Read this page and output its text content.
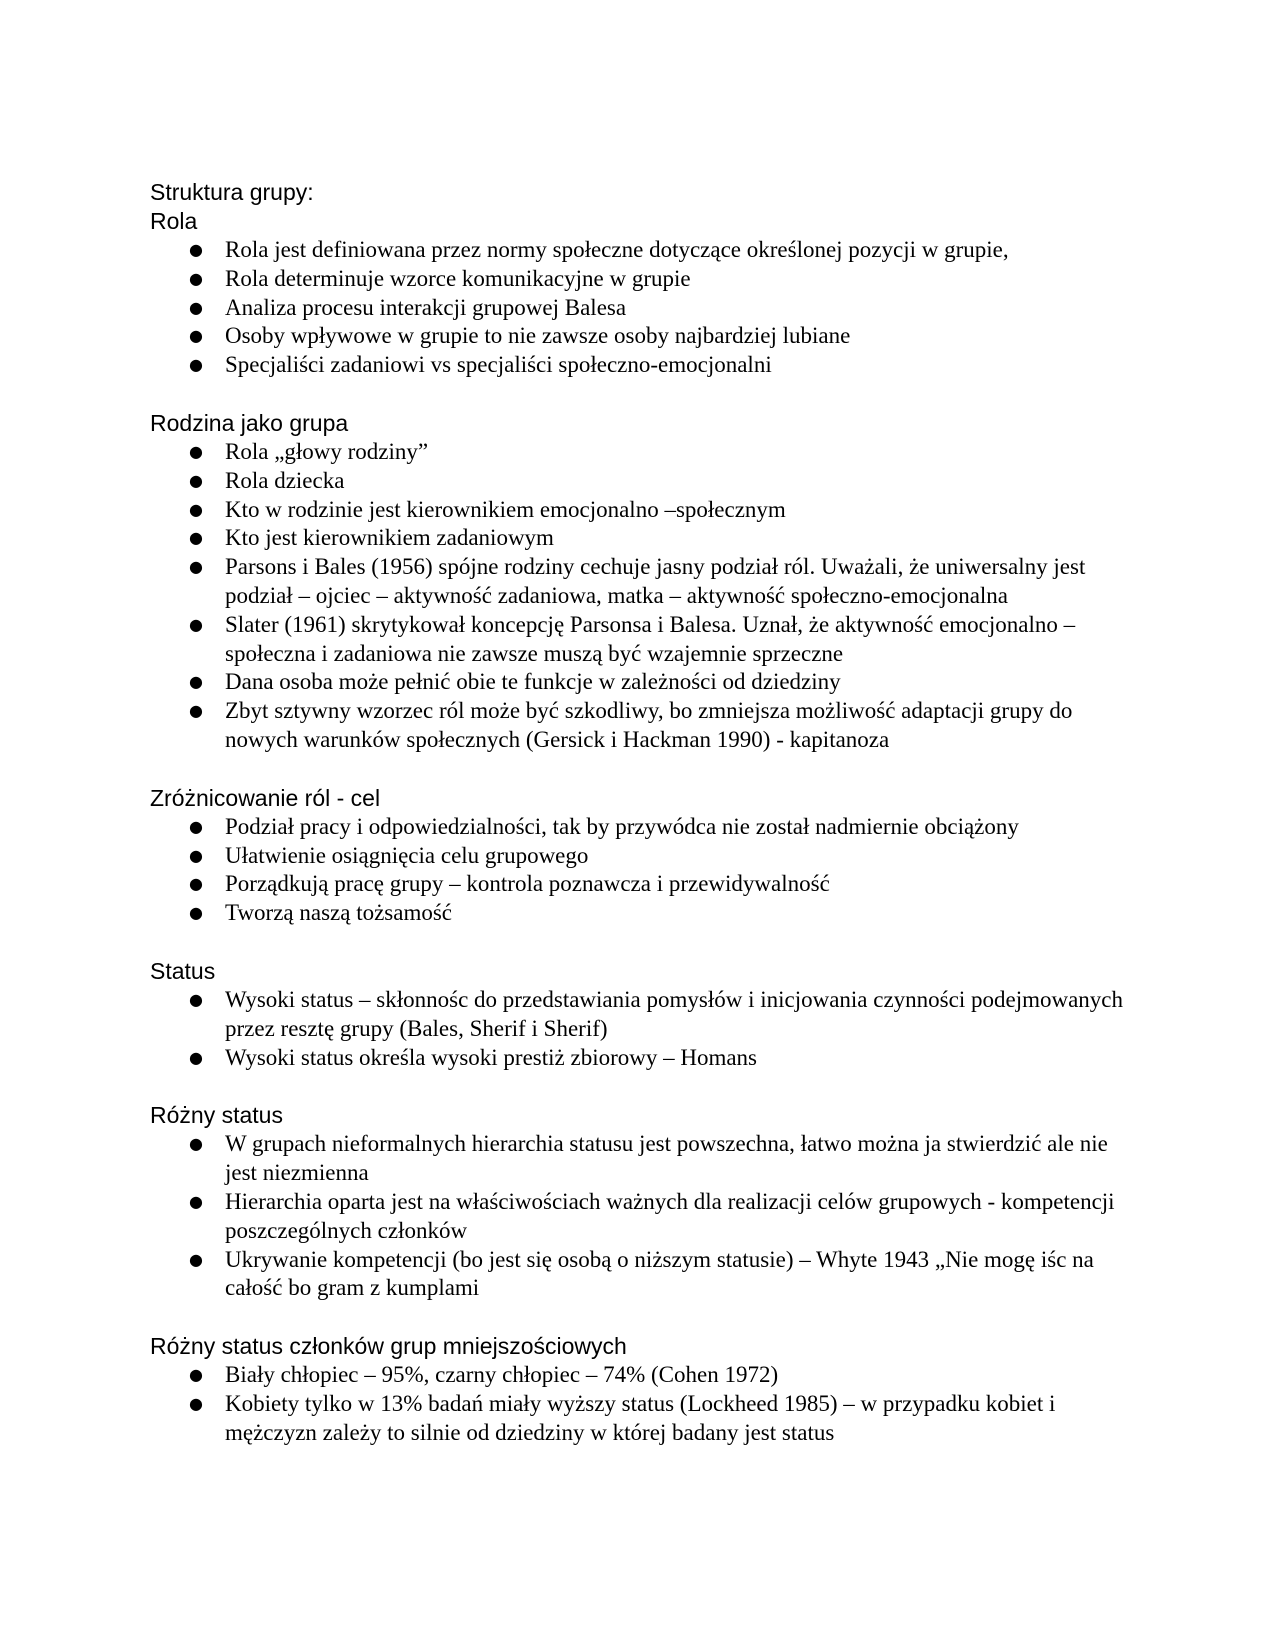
Struktura grupy:
Rola
● Rola jest definiowana przez normy społeczne dotyczące określonej pozycji w grupie,
● Rola determinuje wzorce komunikacyjne w grupie
● Analiza procesu interakcji grupowej Balesa
● Osoby wpływowe w grupie to nie zawsze osoby najbardziej lubiane
● Specjaliści zadaniowi vs specjaliści społeczno-emocjonalni
Rodzina jako grupa
● Rola „głowy rodziny”
● Rola dziecka
● Kto w rodzinie jest kierownikiem emocjonalno –społecznym
● Kto jest kierownikiem zadaniowym
● Parsons i Bales (1956) spójne rodziny cechuje jasny podział ról. Uważali, że uniwersalny jest podział – ojciec – aktywność zadaniowa, matka – aktywność społeczno-emocjonalna
● Slater (1961) skrytykował koncepcję Parsonsa i Balesa. Uznał, że aktywność emocjonalno –społeczna i zadaniowa nie zawsze muszą być wzajemnie sprzeczne
● Dana osoba może pełnić obie te funkcje w zależności od dziedziny
● Zbyt sztywny wzorzec ról może być szkodliwy, bo zmniejsza możliwość adaptacji grupy do nowych warunków społecznych (Gersick i Hackman 1990) - kapitanoza
Zróżnicowanie ról - cel
● Podział pracy i odpowiedzialności, tak by przywódca nie został nadmiernie obciążony
● Ułatwienie osiągnięcia celu grupowego
● Porządkują pracę grupy – kontrola poznawcza i przewidywalność
● Tworzą naszą tożsamość
Status
● Wysoki status – skłonnośc do przedstawiania pomysłów i inicjowania czynności podejmowanych przez resztę grupy (Bales, Sherif i Sherif)
● Wysoki status określa wysoki prestiż zbiorowy – Homans
Różny status
● W grupach nieformalnych hierarchia statusu jest powszechna, łatwo można ja stwierdzić ale nie jest niezmienna
● Hierarchia oparta jest na właściwościach ważnych dla realizacji celów grupowych - kompetencji poszczególnych członków
● Ukrywanie kompetencji (bo jest się osobą o niższym statusie) – Whyte 1943 „Nie mogę iśc na całość bo gram z kumplami
Różny status członków grup mniejszościowych
● Biały chłopiec – 95%, czarny chłopiec – 74% (Cohen 1972)
● Kobiety tylko w 13% badań miały wyższy status (Lockheed 1985) – w przypadku kobiet i mężczyzn zależy to silnie od dziedziny w której badany jest status
